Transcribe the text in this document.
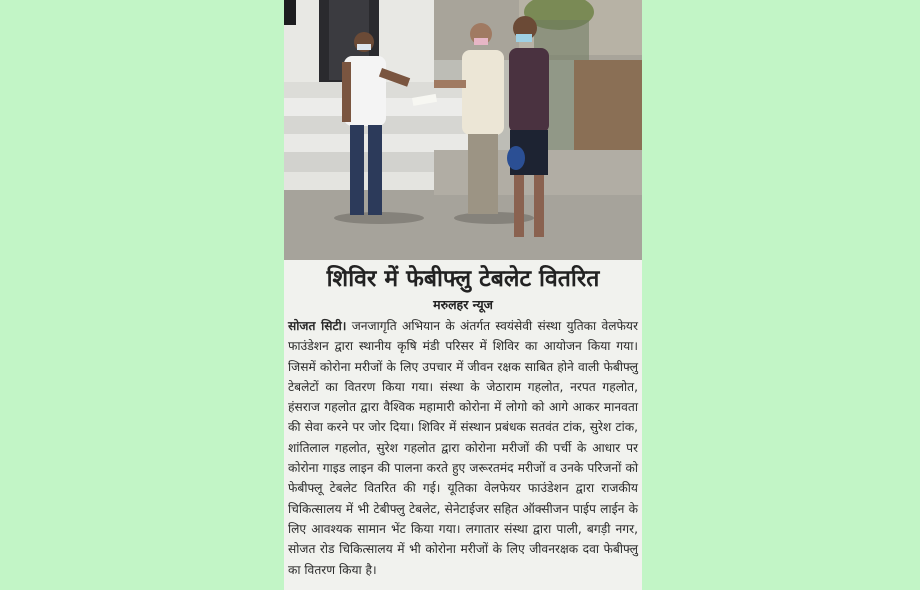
शिविर में फेबीफ्लु टेबलेट वितरित
मरुलहर न्यूज
सोजत सिटी। जनजागृति अभियान के अंतर्गत स्वयंसेवी संस्था युतिका वेलफेयर फाउंडेशन द्वारा स्थानीय कृषि मंडी परिसर में शिविर का आयोजन किया गया। जिसमें कोरोना मरीजों के लिए उपचार में जीवन रक्षक साबित होने वाली फेबीफ्लु टेबलेटों का वितरण किया गया। संस्था के जेठाराम गहलोत, नरपत गहलोत, हंसराज गहलोत द्वारा वैश्विक महामारी कोरोना में लोगो को आगे आकर मानवता की सेवा करने पर जोर दिया। शिविर में संस्थान प्रबंधक सतवंत टांक, सुरेश टांक, शांतिलाल गहलोत, सुरेश गहलोत द्वारा कोरोना मरीजों की पर्ची के आधार पर कोरोना गाइड लाइन की पालना करते हुए जरूरतमंद मरीजों व उनके परिजनों को फेबीफ्लू टेबलेट वितरित की गई। यूतिका वेलफेयर फाउंडेशन द्वारा राजकीय चिकित्सालय में भी टेबीफ्लु टेबलेट, सेनेटाईजर सहित ऑक्सीजन पाईप लाईन के लिए आवश्यक सामान भेंट किया गया। लगातार संस्था द्वारा पाली, बगड़ी नगर, सोजत रोड चिकित्सालय में भी कोरोना मरीजों के लिए जीवनरक्षक दवा फेबीफ्लु का वितरण किया है।
